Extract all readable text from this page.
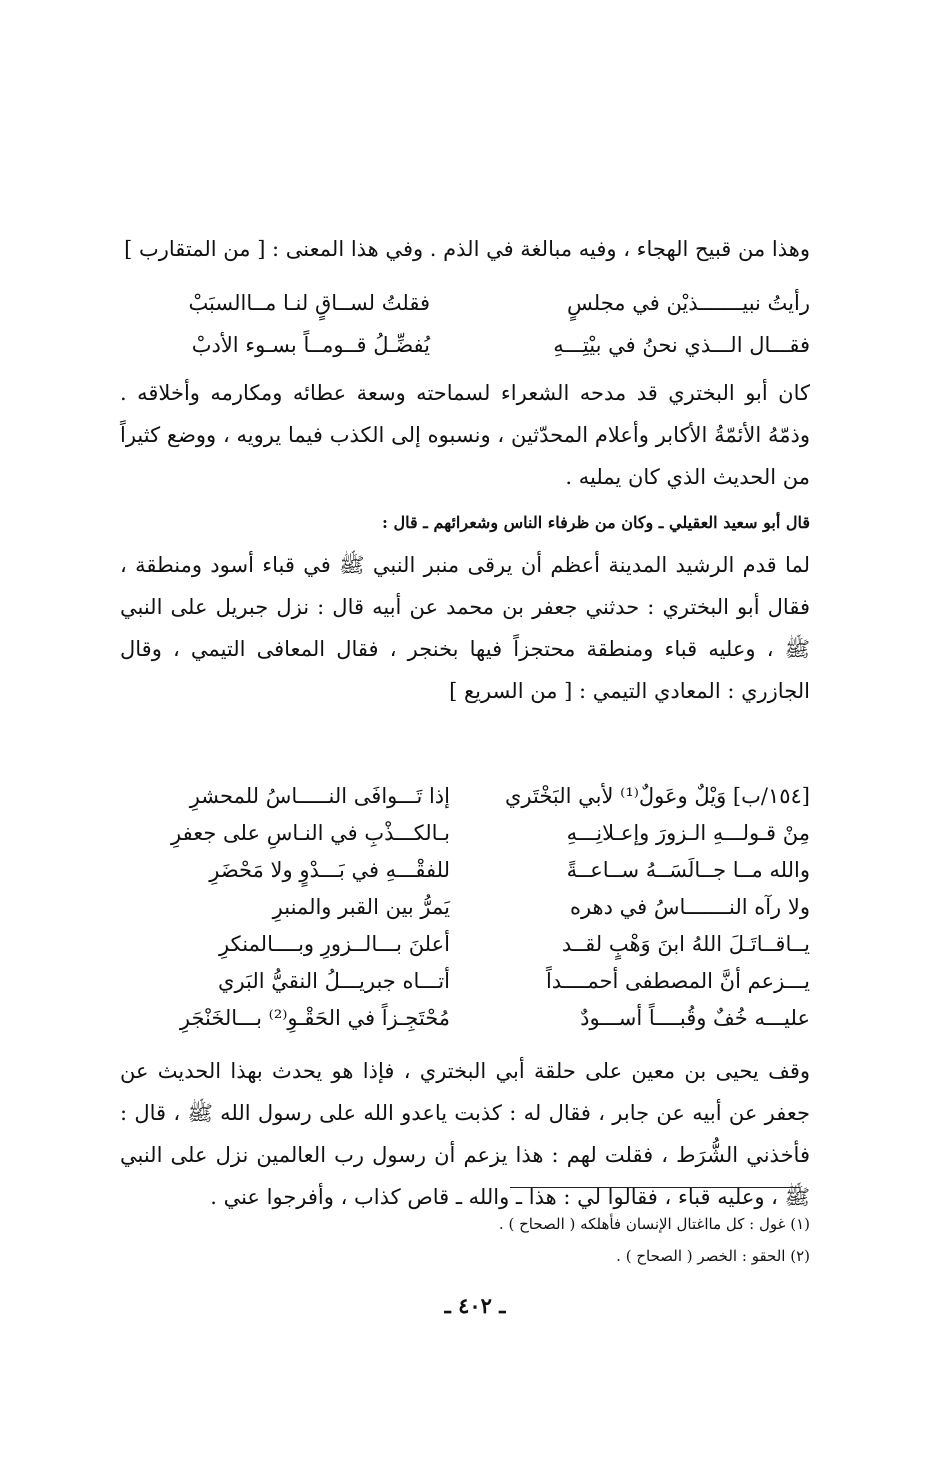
وهذا من قبيح الهجاء ، وفيه مبالغة في الذم . وفي هذا المعنى : [ من المتقارب ]
رأيتُ نبيـــــــذيْن في مجلسٍ
فقلتُ لســاقٍ لنـا مــاالسبَبْ
فقـــال الـــذي نحنُ في بيْتِـــهِ
يُفضِّـلُ قــومــاً بسـوء الأدبْ
كان أبو البختري قد مدحه الشعراء لسماحته وسعة عطائه ومكارمه وأخلاقه . وذمّهُ الأئمّةُ الأكابر وأعلام المحدّثين ، ونسبوه إلى الكذب فيما يرويه ، ووضع كثيراً من الحديث الذي كان يمليه .
قال أبو سعيد العقيلي ـ وكان من ظرفاء الناس وشعرائهم ـ قال :
لما قدم الرشيد المدينة أعظم أن يرقى منبر النبي ﷺ في قباء أسود ومنطقة ، فقال أبو البختري : حدثني جعفر بن محمد عن أبيه قال : نزل جبريل على النبي ﷺ ، وعليه قباء ومنطقة محتجزاً فيها بخنجر ، فقال المعافى التيمي ، وقال الجازري : المعادي التيمي : [ من السريع ]
[١٥٤/ب] وَيْلٌ وعَولٌ⁽¹⁾ لأبي البَخْتَري
إذا تَـــوافَى النـــــاسُ للمحشرِ
مِنْ قـولـــهِ الـزورَ وإعـلانِـــهِ
بـالكـــذْبِ في النـاسِ على جعفرِ
والله مــا جــالَسَــهُ ســاعــةً
للفقْـــهِ في بَـــدْوٍ ولا مَحْضَرِ
ولا رآه النـــــــاسُ في دهره
يَمرُّ بين القبر والمنبرِ
يــاقــاتَـلَ اللهُ ابنَ وَهْبٍ لقــد
أعلنَ بـــالــزورِ وبــــالمنكرِ
يـــزعم أنَّ المصطفى أحمــــداً
أتـــاه جبريـــلُ النقيُّ البَري
عليـــه خُفٌ وقُبــــاً أســـودٌ
مُحْتَجِـزاً في الحَقْـوِ⁽²⁾ بـــالخَنْجَرِ
وقف يحيى بن معين على حلقة أبي البختري ، فإذا هو يحدث بهذا الحديث عن جعفر عن أبيه عن جابر ، فقال له : كذبت ياعدو الله على رسول الله ﷺ ، قال : فأخذني الشُّرَط ، فقلت لهم : هذا يزعم أن رسول رب العالمين نزل على النبي ﷺ ، وعليه قباء ، فقالوا لي : هذا ـ والله ـ قاص كذاب ، وأفرجوا عني .
(١) غول : كل مااغتال الإنسان فأهلكه ( الصحاح ) .
(٢) الحقو : الخصر ( الصحاح ) .
ـ ٤٠٢ ـ
